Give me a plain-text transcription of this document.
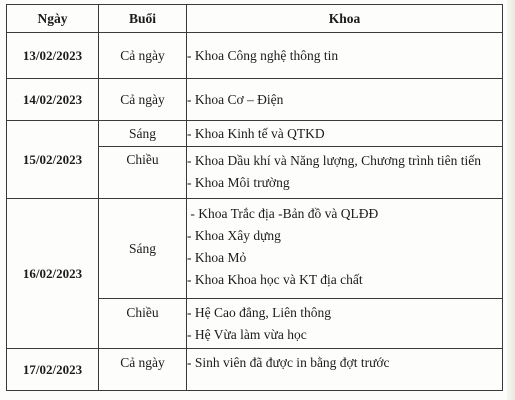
Ngày	Buổi	Khoa
13/02/2023	Cả ngày	- Khoa Công nghệ thông tin

14/02/2023	Cả ngày	- Khoa Cơ – Điện

15/02/2023	Sáng	- Khoa Kinh tế và QTKD

	Chiều	- Khoa Dầu khí và Năng lượng, Chương trình tiên tiến
- Khoa Môi trường

16/02/2023	Sáng	- Khoa Trắc địa -Bản đồ và QLĐĐ
- Khoa Xây dựng
- Khoa Mỏ
- Khoa Khoa học và KT địa chất

	Chiều	- Hệ Cao đẳng, Liên thông
- Hệ Vừa làm vừa học

17/02/2023	Cả ngày	- Sinh viên đã được in bằng đợt trước
